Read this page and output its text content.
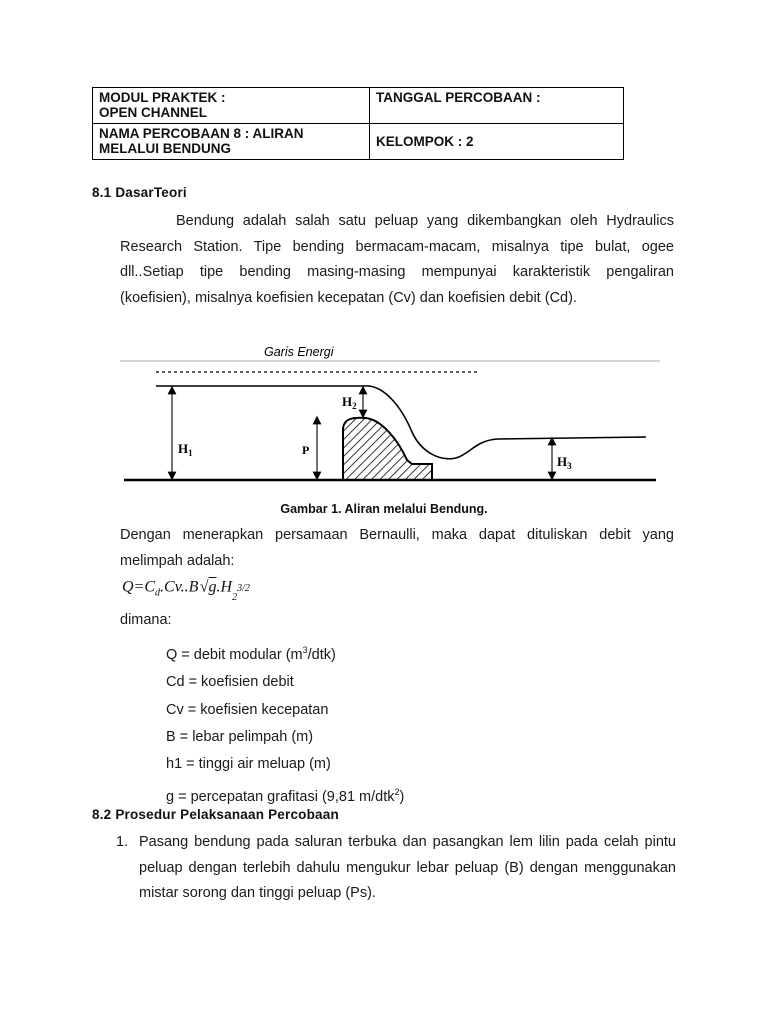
MODUL PRAKTEK :
OPEN CHANNEL	TANGGAL PERCOBAAN :

NAMA PERCOBAAN 8 : ALIRAN
MELALUI BENDUNG	KELOMPOK : 2
8.1 DasarTeori
Bendung adalah salah satu peluap yang dikembangkan oleh Hydraulics Research Station. Tipe bending bermacam-macam, misalnya tipe bulat, ogee dll..Setiap tipe bending masing-masing mempunyai karakteristik pengaliran (koefisien), misalnya koefisien kecepatan (Cv) dan koefisien debit (Cd).
Garis Energi
$H_1$	P
$H_2$
$H_3$
Gambar 1. Aliran melalui Bendung.
Dengan menerapkan persamaan Bernaulli, maka dapat dituliskan debit yang melimpah adalah:
$Q=C_d.Cv..B$ $√g.H_2^{3/2}$
dimana:
Q = debit modular $(m^3/dtk)$
Cd = koefisien debit
Cv = koefisien kecepatan
B = lebar pelimpah (m)
h1 = tinggi air meluap (m)
g = percepatan grafitasi (9,81 m/dtk$^2$)
8.2 Prosedur Pelaksanaan Percobaan
1. Pasang bendung pada saluran terbuka dan pasangkan lem lilin pada celah pintu peluap dengan terlebih dahulu mengukur lebar peluap (B) dengan menggunakan mistar sorong dan tinggi peluap (Ps).
